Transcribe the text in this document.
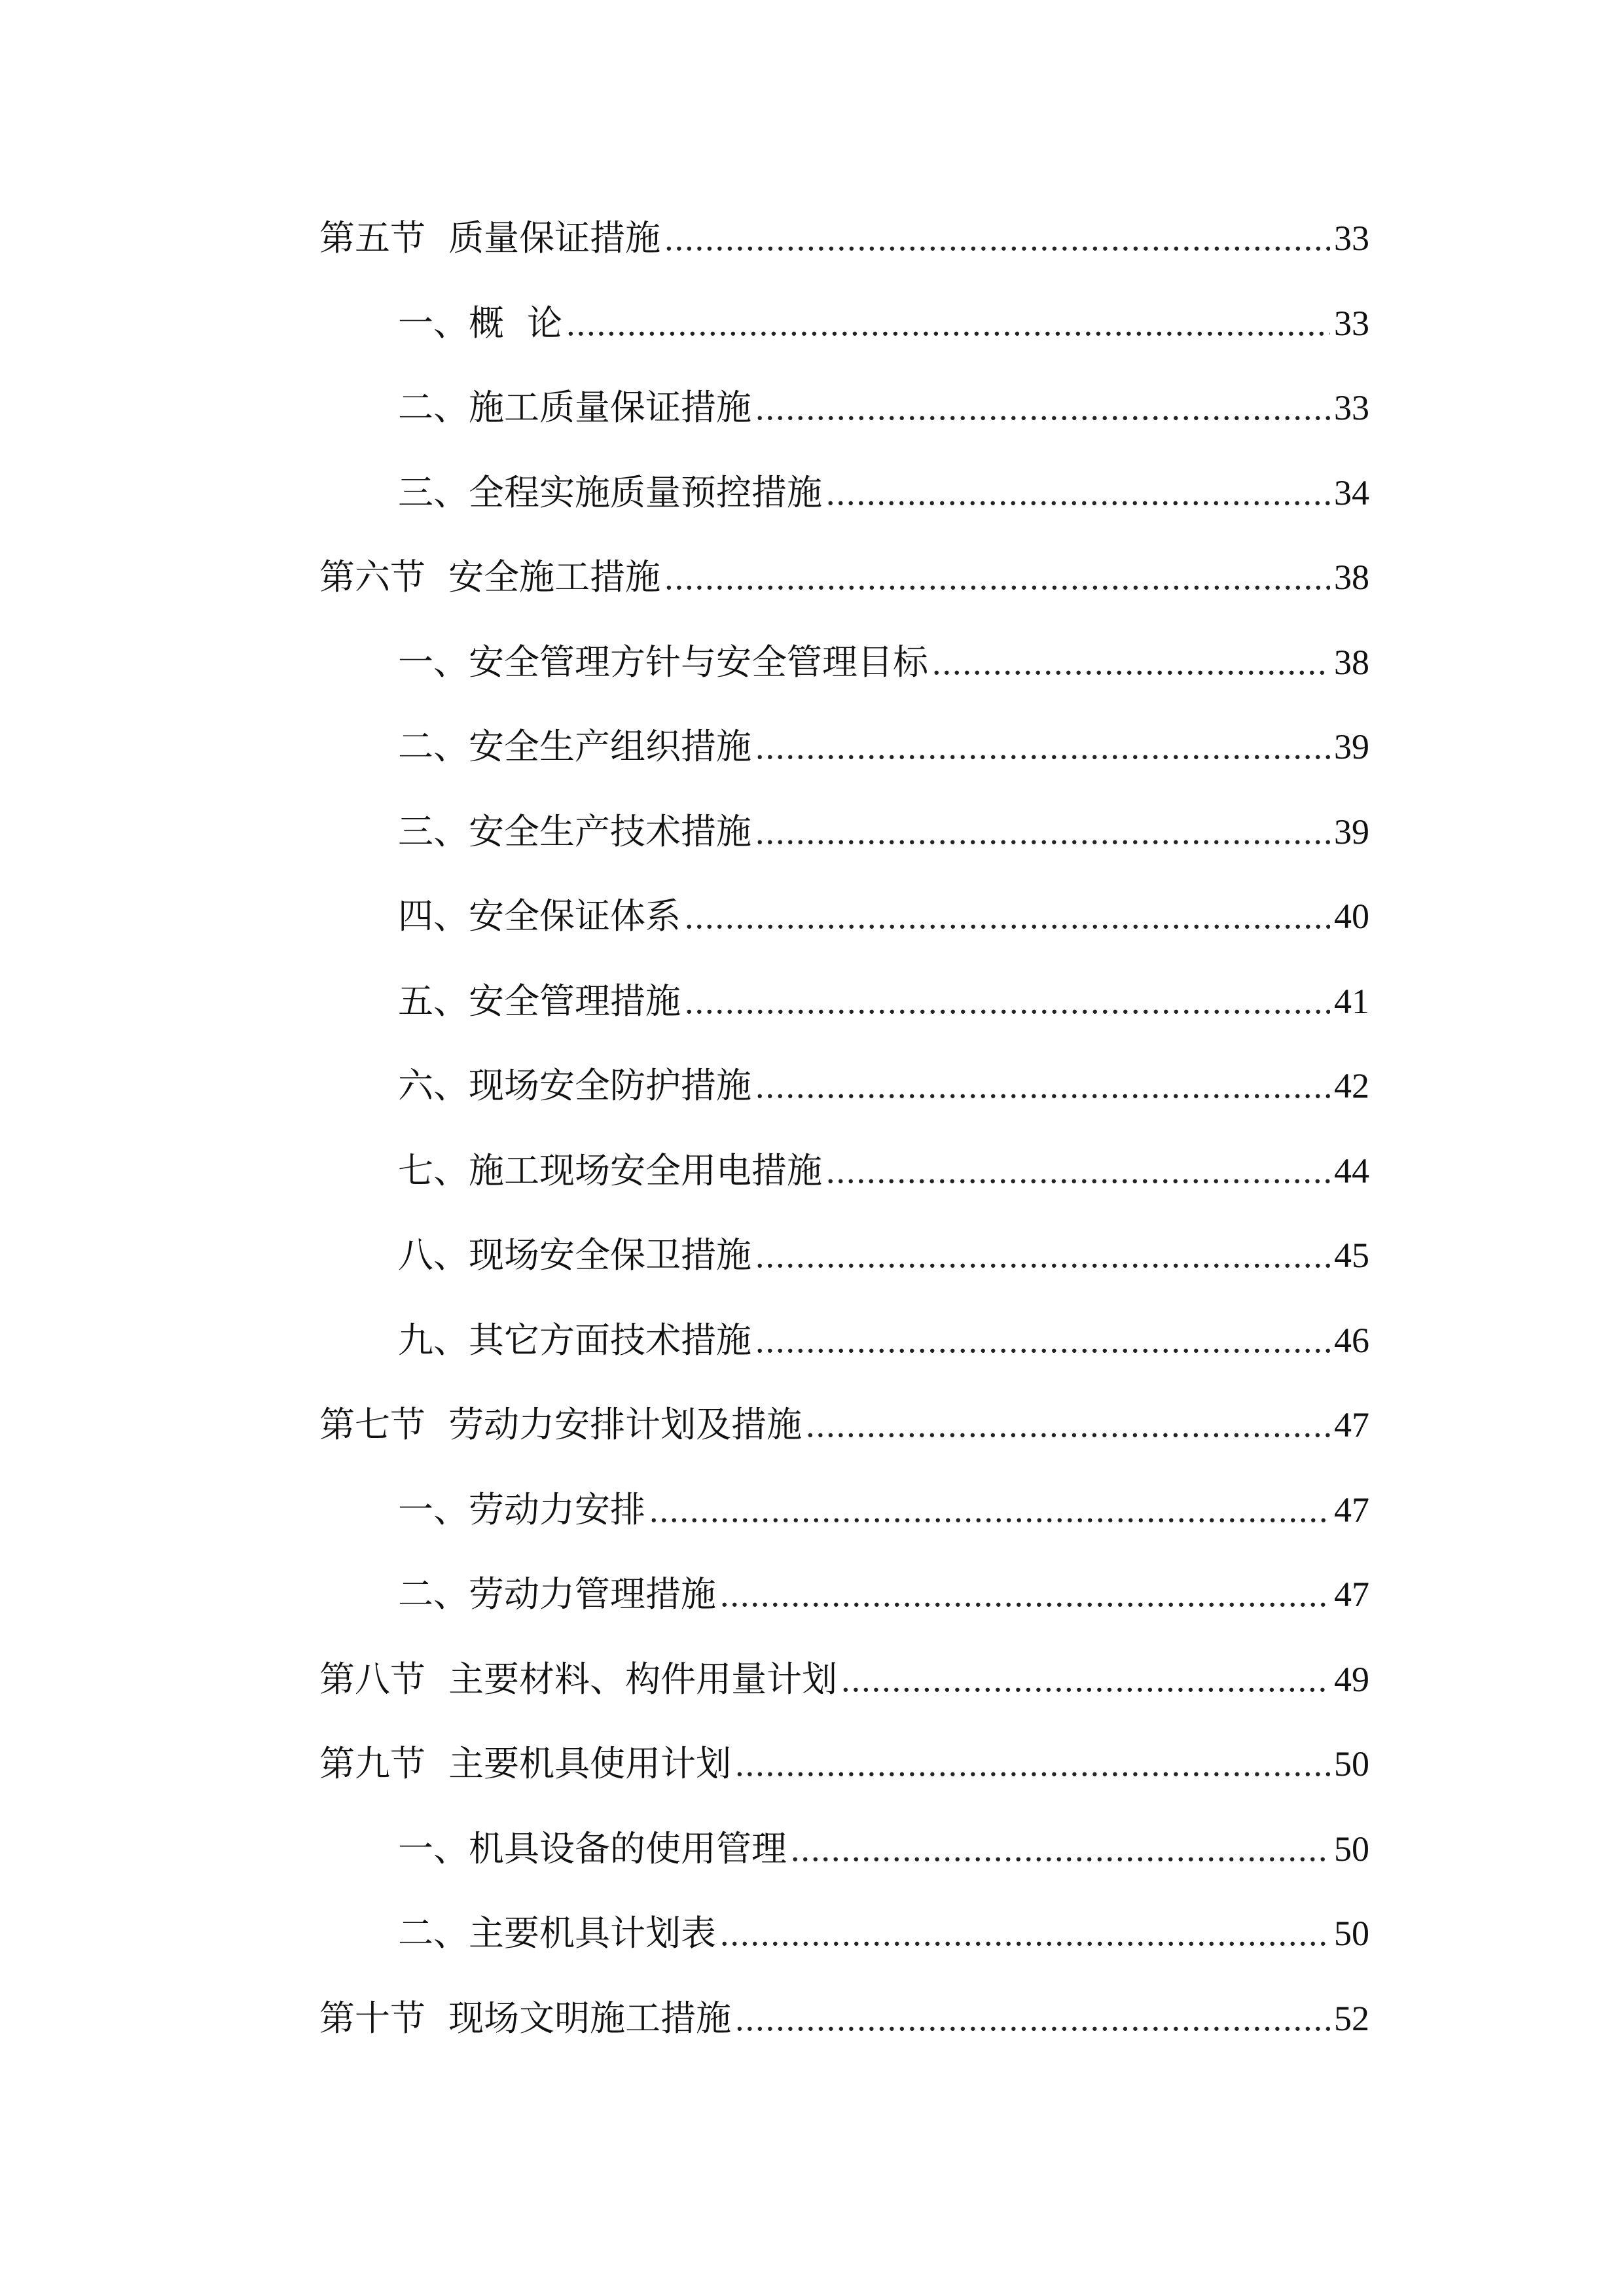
第五节 质量保证措施 .....	33
一、概 论 .....	33
二、施工质量保证措施 .....	33
三、全程实施质量预控措施 .....	34
第六节 安全施工措施 .....	38
一、安全管理方针与安全管理目标 .....	38
二、安全生产组织措施 .....	39
三、安全生产技术措施 .....	39
四、安全保证体系 .....	40
五、安全管理措施 .....	41
六、现场安全防护措施 .....	42
七、施工现场安全用电措施 .....	44
八、现场安全保卫措施 .....	45
九、其它方面技术措施 .....	46
第七节 劳动力安排计划及措施 .....	47
一、劳动力安排 .....	47
二、劳动力管理措施 .....	47
第八节 主要材料、构件用量计划 .....	49
第九节 主要机具使用计划 .....	50
一、机具设备的使用管理 .....	50
二、主要机具计划表 .....	50
第十节 现场文明施工措施 .....	52
